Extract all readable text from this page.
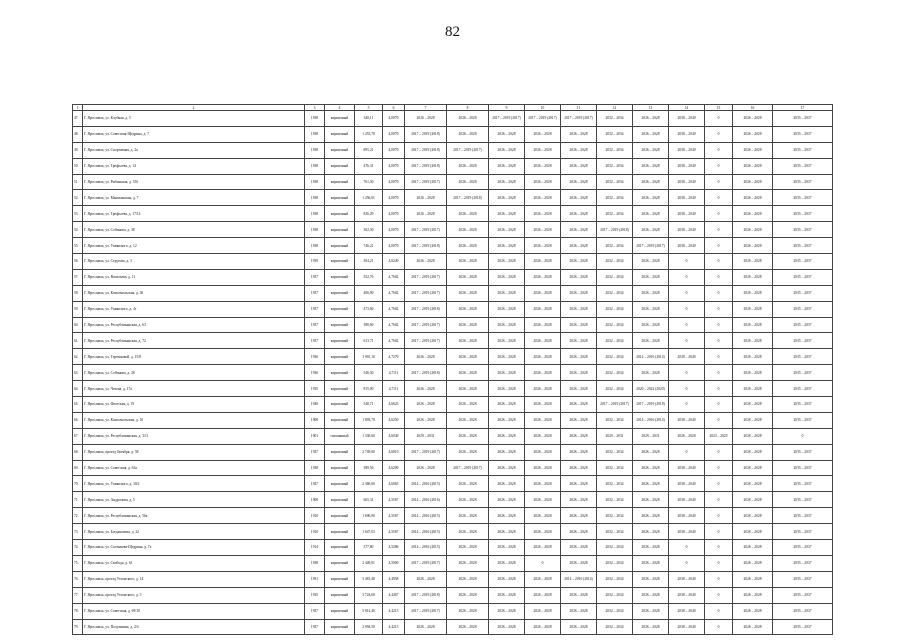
82
1	2	3	4	5	6	7	8	9	10	11	12	13	14	15	16	17
47.	Г. Ярославль, ул. Клубная, д. 5	1938	кирпичный	340,11	4,0070	2026 – 2028	2026 – 2028	2017 – 2019 (2017)	2017 – 2019 (2017)	2017 – 2019 (2017)	2032 – 2034	2026 – 2028	2038 – 2040	0	2026 – 2028	2035 – 2037
48.	Г. Ярославль, ул. Советская-Щедрина, д. 7	1938	кирпичный	1 453,70	4,0070	2017 – 2019 (2018)	2026 – 2028	2026 – 2028	2026 – 2028	2026 – 2028	2032 – 2034	2026 – 2028	2038 – 2040	0	2026 – 2028	2035 – 2037
49.	Г. Ярославль, ул. Спортивная, д. 2а	1938	кирпичный	895,21	4,0070	2017 – 2019 (2018)	2017 – 2019 (2017)	2026 – 2028	2026 – 2028	2026 – 2028	2032 – 2034	2026 – 2028	2038 – 2040	0	2026 – 2028	2035 – 2037
50.	Г. Ярославль, ул. Трефолева, д. 14	1938	кирпичный	476,31	4,0070	2017 – 2019 (2018)	2026 – 2028	2026 – 2028	2026 – 2028	2026 – 2028	2032 – 2034	2026 – 2028	2038 – 2040	0	2026 – 2028	2035 – 2037
51.	Г. Ярославль, ул. Рыбинская, д. 33б	1938	кирпичный	761,30	4,0070	2017 – 2019 (2017)	2026 – 2028	2026 – 2028	2026 – 2028	2026 – 2028	2032 – 2034	2026 – 2028	2038 – 2040	0	2026 – 2028	2035 – 2037
52.	Г. Ярославль, ул. Мышкинская, д. 7	1938	кирпичный	1 456,01	4,0070	2026 – 2028	2017 – 2019 (2018)	2026 – 2028	2026 – 2028	2026 – 2028	2032 – 2034	2026 – 2028	2038 – 2040	0	2026 – 2028	2035 – 2037
53.	Г. Ярославль, ул. Трефолева, д. 17/14	1938	кирпичный	826,29	4,0070	2026 – 2028	2026 – 2028	2026 – 2028	2026 – 2028	2026 – 2028	2032 – 2034	2026 – 2028	2038 – 2040	0	2026 – 2028	2035 – 2037
54.	Г. Ярославль, ул. Собинова, д. 38	1938	кирпичный	302,30	4,0070	2017 – 2019 (2017)	2026 – 2028	2026 – 2028	2026 – 2028	2026 – 2028	2017 – 2019 (2018)	2026 – 2028	2038 – 2040	0	2026 – 2028	2035 – 2037
55.	Г. Ярославль, ул. Ушинского, д. 12	1938	кирпичный	746,21	4,0070	2017 – 2019 (2018)	2026 – 2028	2026 – 2028	2026 – 2028	2026 – 2028	2032 – 2034	2017 – 2019 (2017)	2038 – 2040	0	2026 – 2028	2035 – 2037
56.	Г. Ярославль, ул. Стругова, д. 3	1939	кирпичный	304,21	4,0240	2026 – 2028	2026 – 2028	2026 – 2028	2026 – 2028	2026 – 2028	2032 – 2034	2026 – 2028	0	0	2026 – 2028	2035 – 2037
57.	Г. Ярославль, ул. Васильева, д. 11	1937	кирпичный	552,76	4,7602	2017 – 2019 (2017)	2026 – 2028	2026 – 2028	2026 – 2028	2026 – 2028	2032 – 2034	2026 – 2028	0	0	2026 – 2028	2035 – 2037
58.	Г. Ярославль, ул. Комсомольская, д. 36	1937	кирпичный	406,90	4,7602	2017 – 2019 (2017)	2026 – 2028	2026 – 2028	2026 – 2028	2026 – 2028	2032 – 2034	2026 – 2028	0	0	2026 – 2028	2035 – 2037
59.	Г. Ярославль, ул. Ушинского, д. 4г	1937	кирпичный	473,60	4,7602	2017 – 2019 (2018)	2026 – 2028	2026 – 2028	2026 – 2028	2026 – 2028	2032 – 2034	2026 – 2028	0	0	2026 – 2028	2035 – 2037
60.	Г. Ярославль, ул. Республиканская, д. 63	1937	кирпичный	388,60	4,7602	2017 – 2019 (2017)	2026 – 2028	2026 – 2028	2026 – 2028	2026 – 2028	2032 – 2034	2026 – 2028	0	0	2026 – 2028	2035 – 2037
61.	Г. Ярославль, ул. Республиканская, д. 72	1937	кирпичный	613,71	4,7602	2017 – 2019 (2017)	2026 – 2028	2026 – 2028	2026 – 2028	2026 – 2028	2032 – 2034	2026 – 2028	0	0	2026 – 2028	2035 – 2037
62.	Г. Ярославль, ул. Терешковой, д. 15/8	1936	кирпичный	1 901,10	4,7279	2026 – 2028	2026 – 2028	2026 – 2028	2026 – 2028	2026 – 2028	2032 – 2034	2014 – 2016 (2014)	2038 – 2040	0	2026 – 2028	2035 – 2037
63.	Г. Ярославль, ул. Собинова, д. 28	1936	кирпичный	546,30	4,7111	2017 – 2019 (2018)	2026 – 2028	2026 – 2028	2026 – 2028	2026 – 2028	2032 – 2034	2026 – 2028	0	0	2026 – 2028	2035 – 2037
64.	Г. Ярославль, ул. Чехова, д. 17а	1935	кирпичный	815,00	4,7111	2026 – 2028	2026 – 2028	2026 – 2028	2026 – 2028	2026 – 2028	2032 – 2034	2020 – 2022 (2020)	0	0	2026 – 2028	2035 – 2037
65.	Г. Ярославль, ул. Флотская, д. 19	1949	кирпичный	548,71	4,6623	2026 – 2028	2026 – 2028	2026 – 2028	2026 – 2028	2026 – 2028	2017 – 2019 (2017)	2017 – 2019 (2018)	0	0	2026 – 2028	2035 – 2037
66.	Г. Ярославль, ул. Комсомольская, д. 10	1908	кирпичный	1 893,70	4,6250	2026 – 2028	2026 – 2028	2026 – 2028	2026 – 2028	2026 – 2028	2032 – 2034	2014 – 2016 (2014)	2038 – 2040	0	2026 – 2028	2035 – 2037
67.	Г. Ярославль, ул. Республиканская, д. 3/11	1901	смешанный	1 330,60	4,6040	2029 – 2031	2026 – 2028	2026 – 2028	2026 – 2028	2026 – 2028	2029 – 2031	2029 – 2031	2026 – 2028	2023 – 2025	2026 – 2028	0
68.	Г. Ярославль, проезд Октября, д. 58	1937	кирпичный	2 749,00	4,6010	2017 – 2019 (2017)	2026 – 2028	2026 – 2028	2026 – 2028	2026 – 2028	2032 – 2034	2026 – 2028	0	0	2026 – 2028	2035 – 2037
69.	Г. Ярославль, ул. Советская, д. 63а	1938	кирпичный	389,56	4,6200	2026 – 2028	2017 – 2019 (2017)	2026 – 2028	2026 – 2028	2026 – 2028	2032 – 2034	2026 – 2028	2038 – 2040	0	2026 – 2028	2035 – 2037
70.	Г. Ярославль, ул. Ушинского, д. 30/2	1927	кирпичный	2 360,60	4,6065	2014 – 2016 (2015)	2026 – 2028	2026 – 2028	2026 – 2028	2026 – 2028	2032 – 2034	2026 – 2028	2038 – 2040	0	2026 – 2028	2035 – 2037
71.	Г. Ярославль, ул. Андропова, д. 5	1908	кирпичный	665,31	4,5567	2014 – 2016 (2016)	2026 – 2028	2026 – 2028	2026 – 2028	2026 – 2028	2032 – 2034	2026 – 2028	2038 – 2040	0	2026 – 2028	2035 – 2037
72.	Г. Ярославль, ул. Республиканская, д. 56а	1910	кирпичный	1 690,90	4,5567	2014 – 2016 (2015)	2026 – 2028	2026 – 2028	2026 – 2028	2026 – 2028	2032 – 2034	2026 – 2028	2038 – 2040	0	2026 – 2028	2035 – 2037
73.	Г. Ярославль, ул. Богдановича, д. 22	1910	кирпичный	1 647,03	4,5567	2014 – 2016 (2015)	2026 – 2028	2026 – 2028	2026 – 2028	2026 – 2028	2032 – 2034	2026 – 2028	2038 – 2040	0	2026 – 2028	2035 – 2037
74.	Г. Ярославль, ул. Салтыкова-Щедрина, д. 7а	1914	кирпичный	377,80	4,5286	2014 – 2016 (2015)	2026 – 2028	2026 – 2028	2026 – 2028	2026 – 2028	2032 – 2034	2026 – 2028	0	0	2026 – 2028	2035 – 2037
75.	Г. Ярославль, ул. Свобода, д. 61	1938	кирпичный	2 449,01	4,5000	2017 – 2019 (2017)	2026 – 2028	2026 – 2028	0	2026 – 2028	2032 – 2034	2026 – 2028	0	0	2026 – 2028	2035 – 2037
76.	Г. Ярославль, проезд Ухтомского, д. 14	1931	кирпичный	3 481,40	4,4958	2026 – 2028	2026 – 2028	2026 – 2028	2026 – 2028	2014 – 2016 (2014)	2032 – 2034	2026 – 2028	2038 – 2040	0	2026 – 2028	2035 – 2037
77.	Г. Ярославль, проезд Ухтомского, д. 5	1935	кирпичный	3 724,60	4,4467	2017 – 2019 (2018)	2026 – 2028	2026 – 2028	2026 – 2028	2026 – 2028	2032 – 2034	2026 – 2028	2038 – 2040	0	2026 – 2028	2035 – 2037
78.	Г. Ярославль, ул. Советская, д. 69/10	1937	кирпичный	5 812,40	4,4215	2017 – 2019 (2017)	2026 – 2028	2026 – 2028	2026 – 2028	2026 – 2028	2032 – 2034	2026 – 2028	2038 – 2040	0	2026 – 2028	2035 – 2037
79.	Г. Ярославль, ул. Полушкина, д. 2/4	1937	кирпичный	2 094,50	4,4215	2026 – 2028	2026 – 2028	2026 – 2028	2026 – 2028	2026 – 2028	2032 – 2034	2026 – 2028	2038 – 2040	0	2026 – 2028	2035 – 2037
